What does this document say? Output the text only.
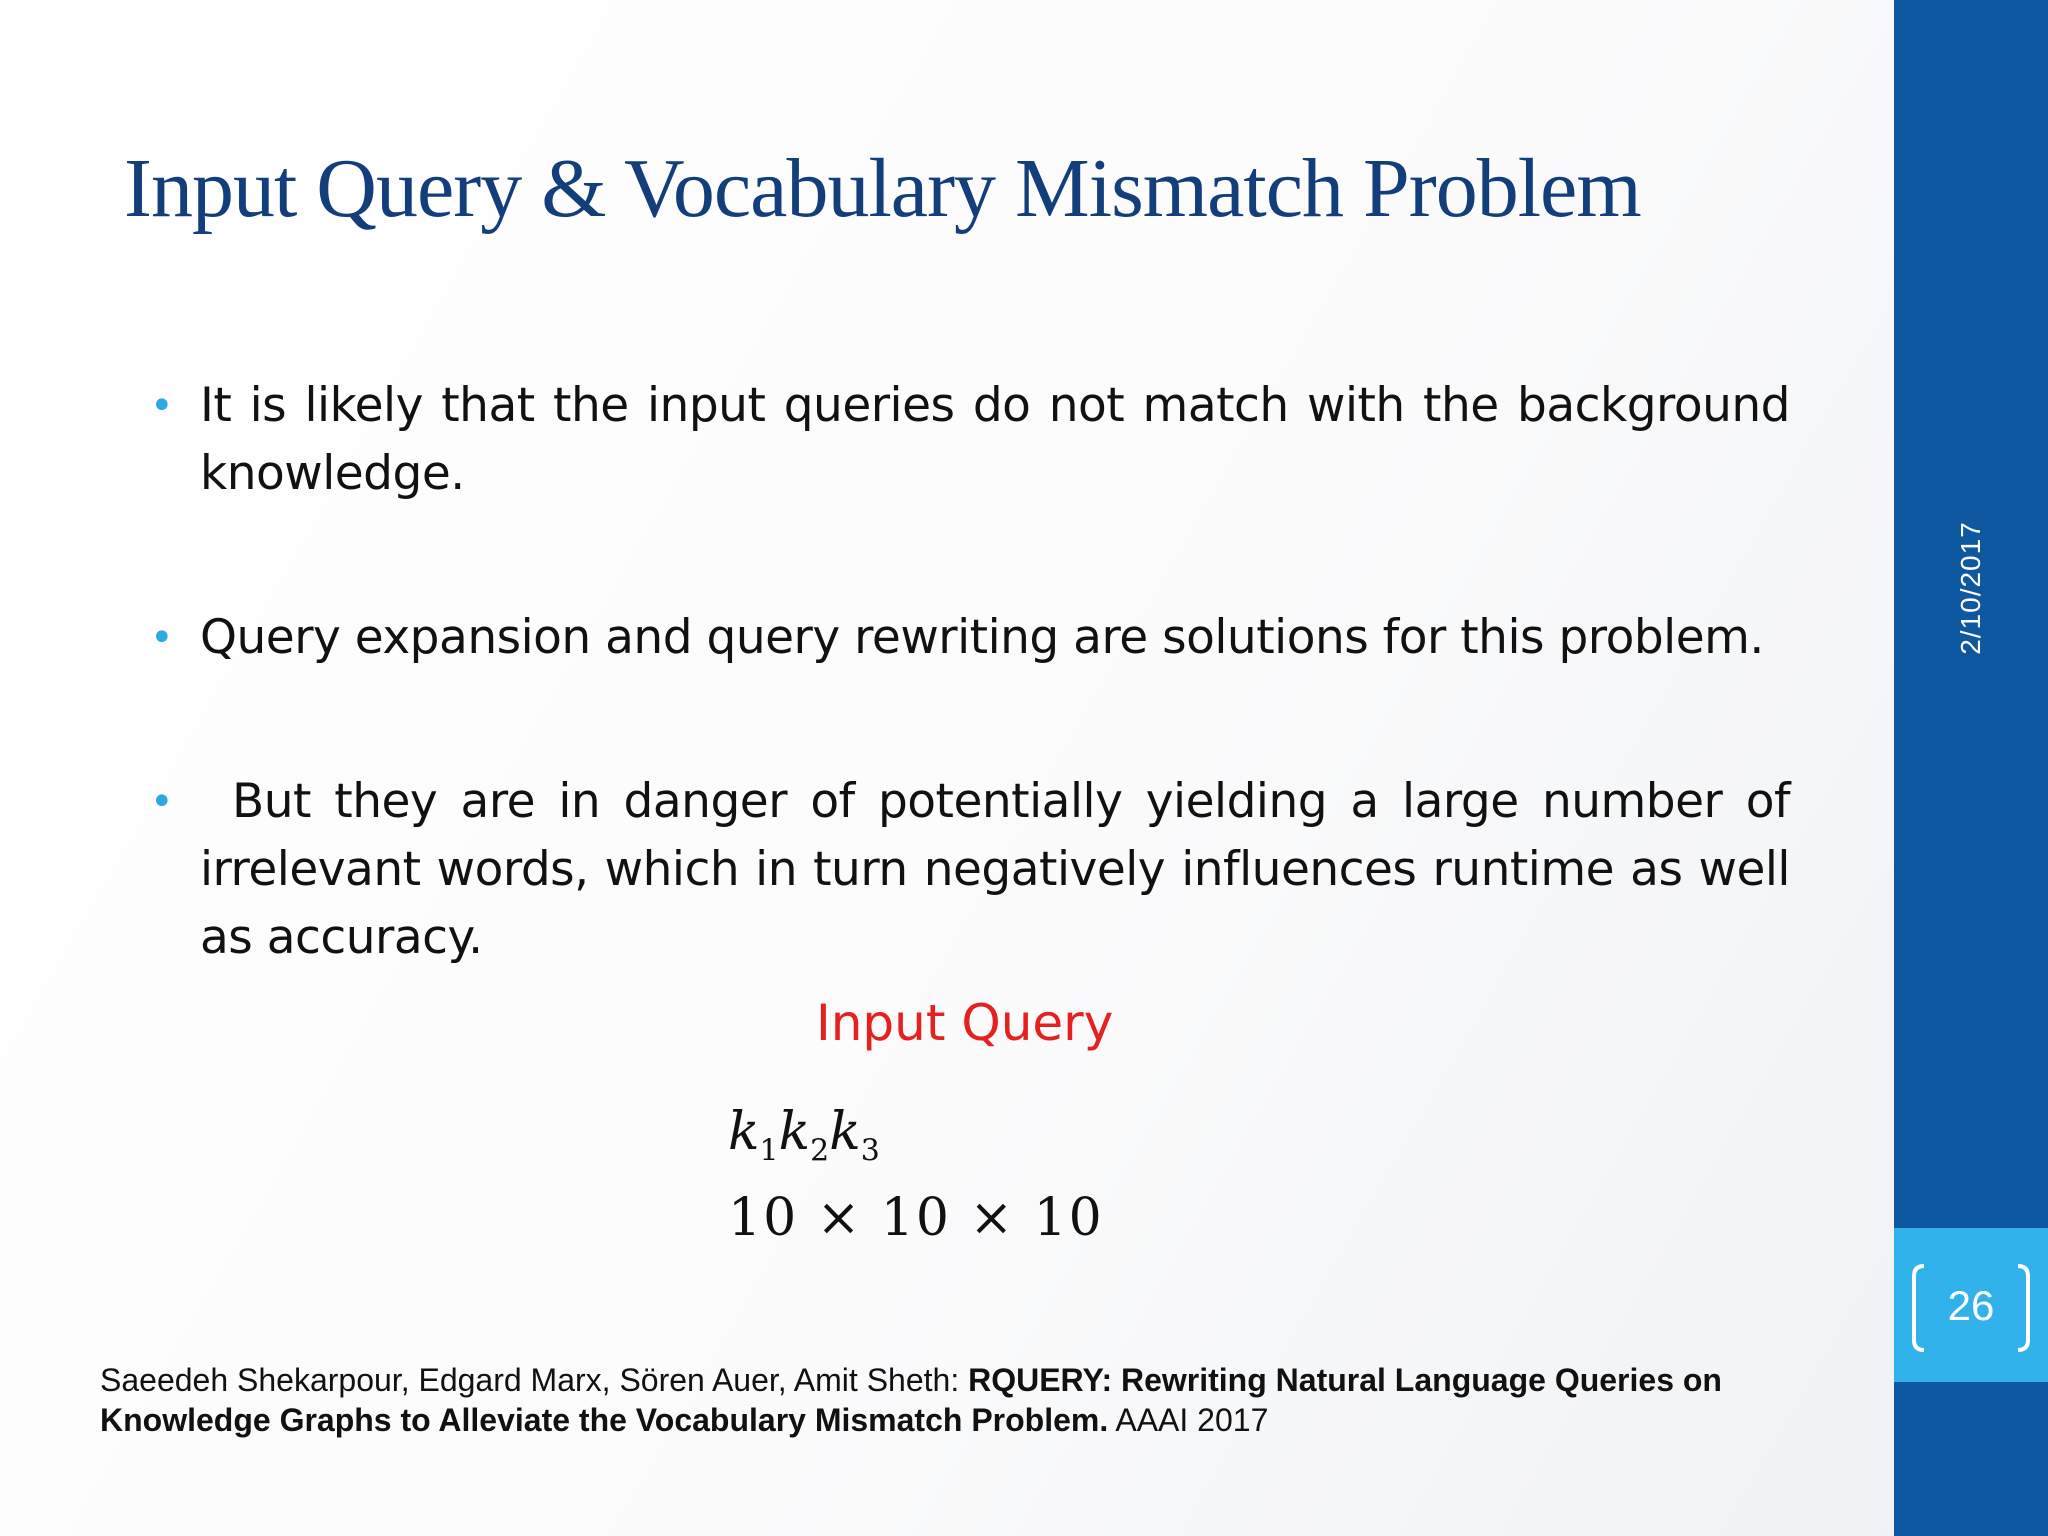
Input Query & Vocabulary Mismatch Problem
• It is likely that the input queries do not match with the background knowledge.
• Query expansion and query rewriting are solutions for this problem.
• But they are in danger of potentially yielding a large number of irrelevant words, which in turn negatively influences runtime as well as accuracy.
Input Query
$k_1k_2k_3$
10 × 10 × 10
Saeedeh Shekarpour, Edgard Marx, Sören Auer, Amit Sheth: RQUERY: Rewriting Natural Language Queries on Knowledge Graphs to Alleviate the Vocabulary Mismatch Problem. AAAI 2017
2/10/2017
26
